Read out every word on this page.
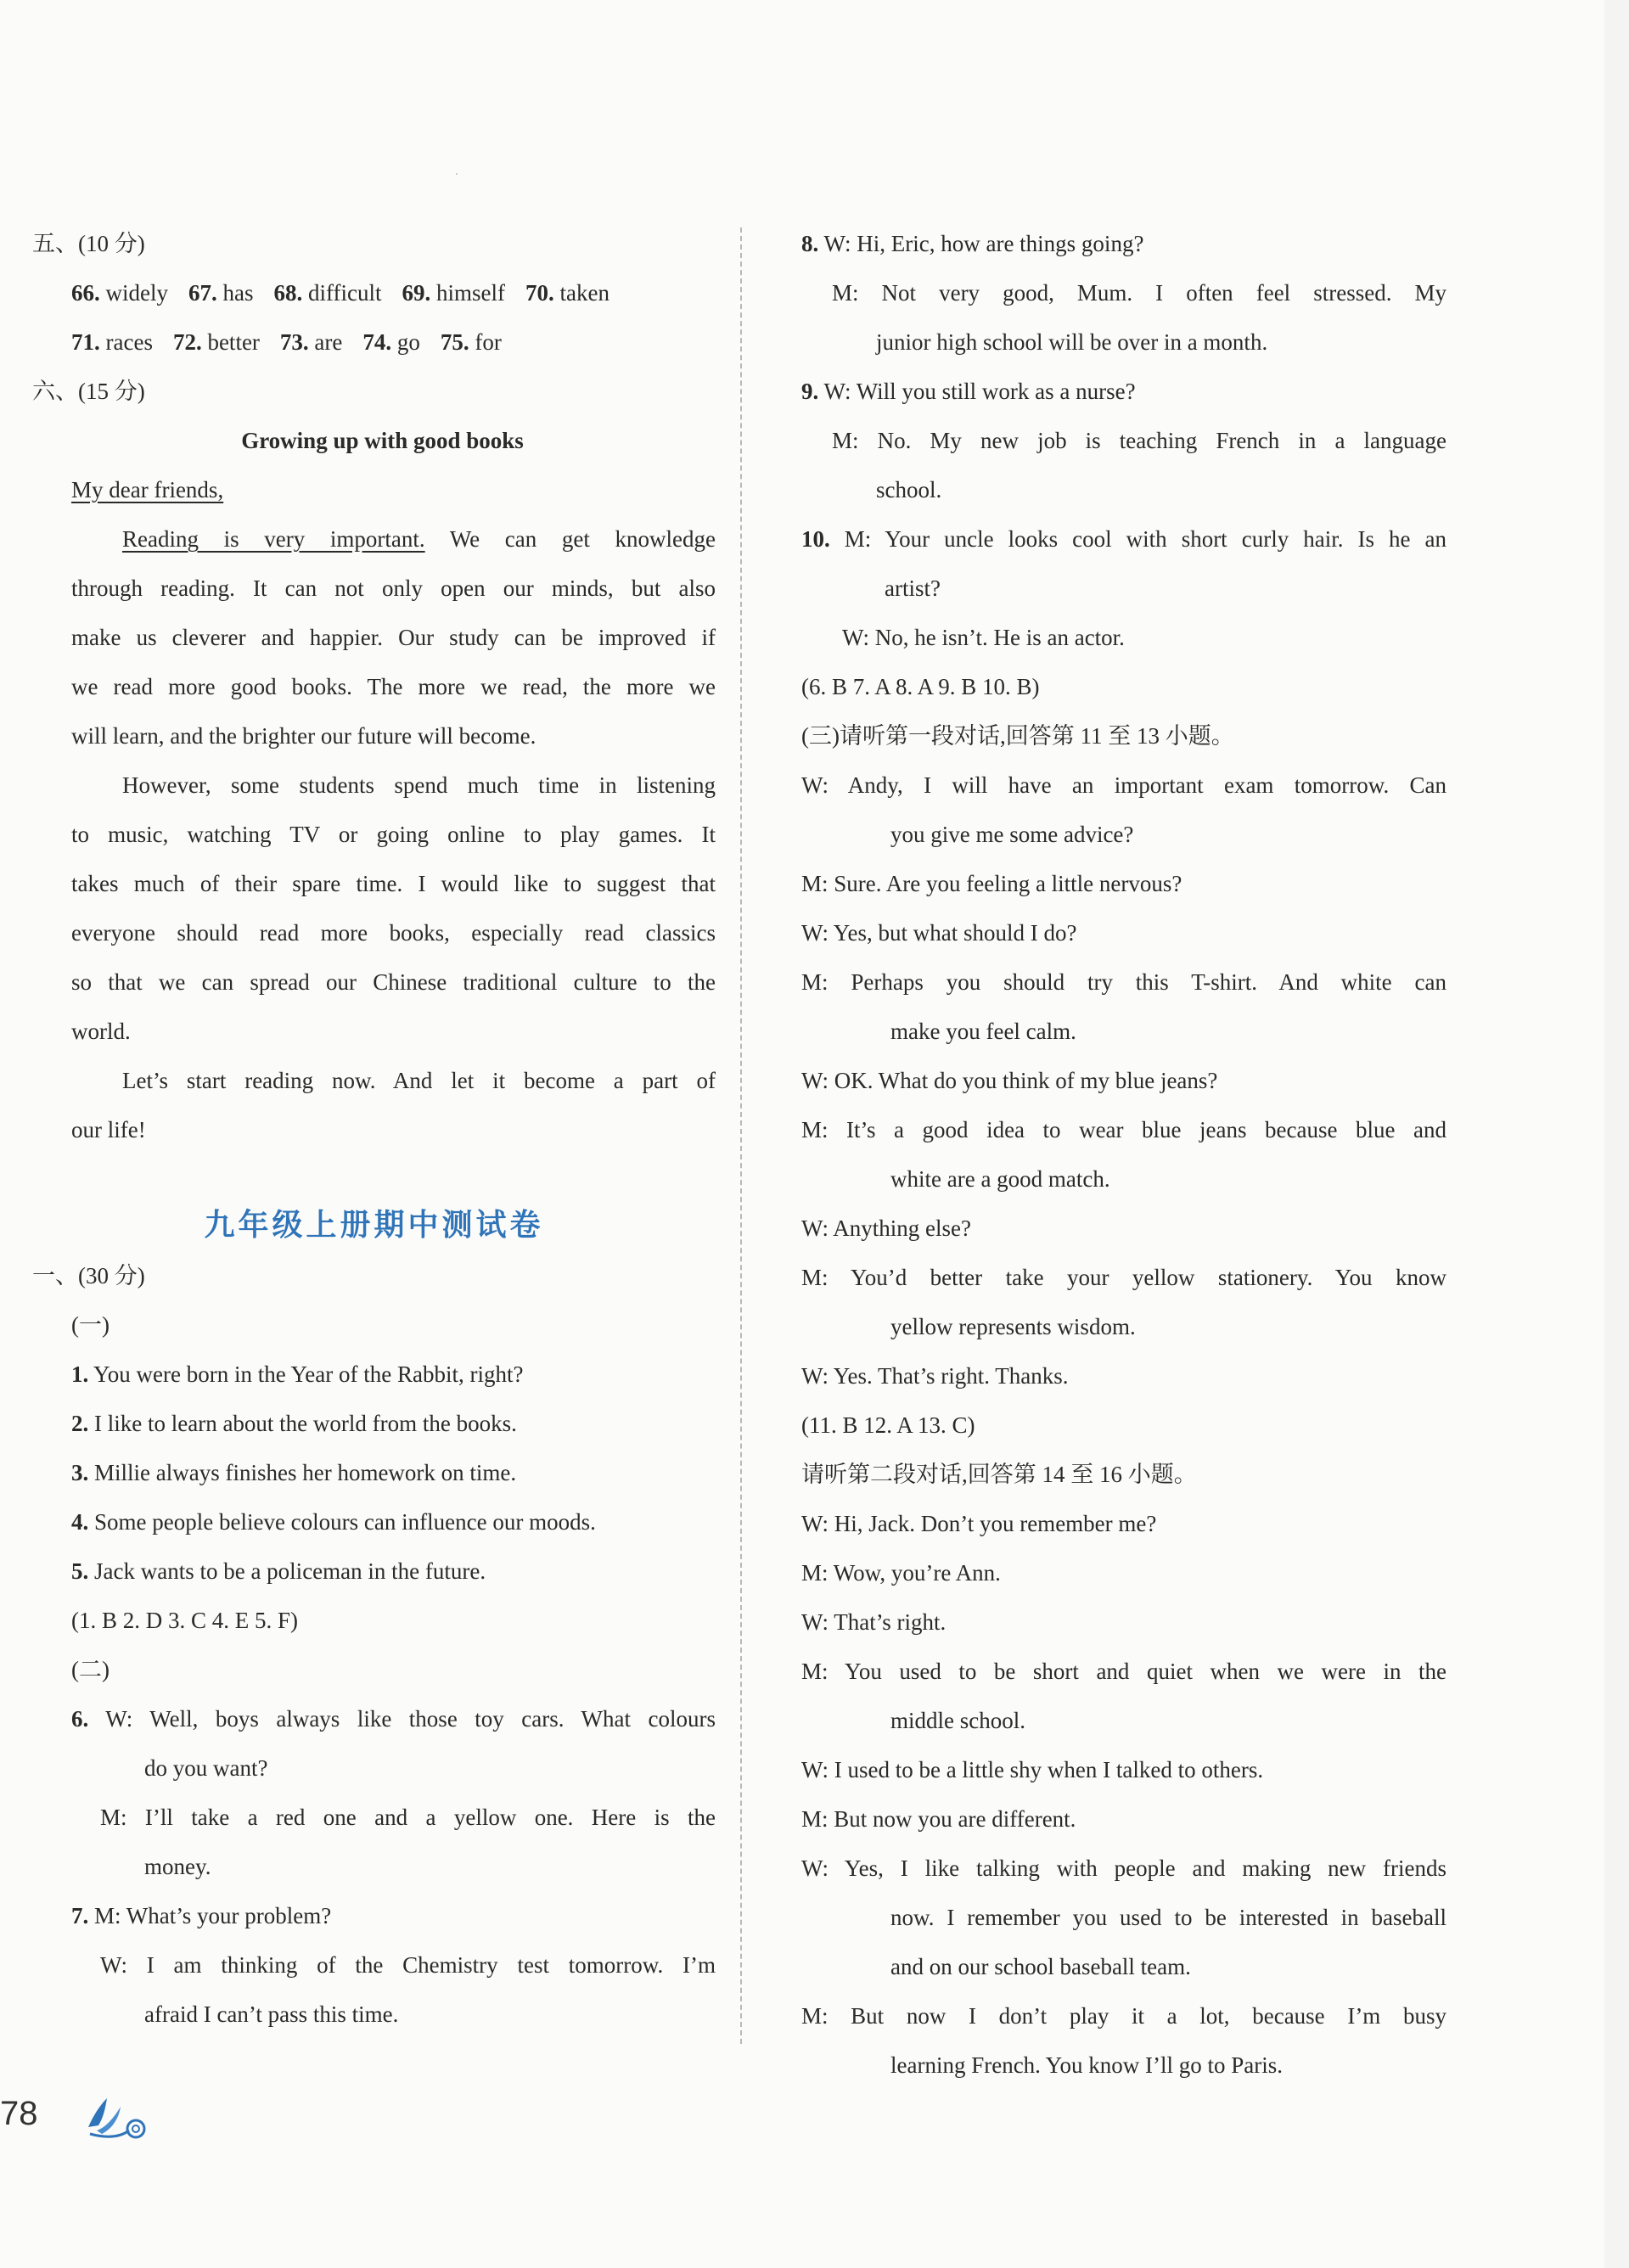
五、(10 分)
66. widely 67. has 68. difficult 69. himself 70. taken
71. races 72. better 73. are 74. go 75. for
六、(15 分)
Growing up with good books
My dear friends,
Reading is very important. We can get knowledge
through reading. It can not only open our minds, but also
make us cleverer and happier. Our study can be improved if
we read more good books. The more we read, the more we
will learn, and the brighter our future will become.
However, some students spend much time in listening
to music, watching TV or going online to play games. It
takes much of their spare time. I would like to suggest that
everyone should read more books, especially read classics
so that we can spread our Chinese traditional culture to the
world.
Let’s start reading now. And let it become a part of
our life!
九年级上册期中测试卷
一、(30 分)
(一)
1. You were born in the Year of the Rabbit, right?
2. I like to learn about the world from the books.
3. Millie always finishes her homework on time.
4. Some people believe colours can influence our moods.
5. Jack wants to be a policeman in the future.
(1. B 2. D 3. C 4. E 5. F)
(二)
6. W: Well, boys always like those toy cars. What colours
do you want?
M: I’ll take a red one and a yellow one. Here is the
money.
7. M: What’s your problem?
W: I am thinking of the Chemistry test tomorrow. I’m
afraid I can’t pass this time.
8. W: Hi, Eric, how are things going?
M: Not very good, Mum. I often feel stressed. My
junior high school will be over in a month.
9. W: Will you still work as a nurse?
M: No. My new job is teaching French in a language
school.
10. M: Your uncle looks cool with short curly hair. Is he an
artist?
W: No, he isn’t. He is an actor.
(6. B 7. A 8. A 9. B 10. B)
(三)请听第一段对话,回答第 11 至 13 小题。
W: Andy, I will have an important exam tomorrow. Can
you give me some advice?
M: Sure. Are you feeling a little nervous?
W: Yes, but what should I do?
M: Perhaps you should try this T-shirt. And white can
make you feel calm.
W: OK. What do you think of my blue jeans?
M: It’s a good idea to wear blue jeans because blue and
white are a good match.
W: Anything else?
M: You’d better take your yellow stationery. You know
yellow represents wisdom.
W: Yes. That’s right. Thanks.
(11. B 12. A 13. C)
请听第二段对话,回答第 14 至 16 小题。
W: Hi, Jack. Don’t you remember me?
M: Wow, you’re Ann.
W: That’s right.
M: You used to be short and quiet when we were in the
middle school.
W: I used to be a little shy when I talked to others.
M: But now you are different.
W: Yes, I like talking with people and making new friends
now. I remember you used to be interested in baseball
and on our school baseball team.
M: But now I don’t play it a lot, because I’m busy
learning French. You know I’ll go to Paris.
78
